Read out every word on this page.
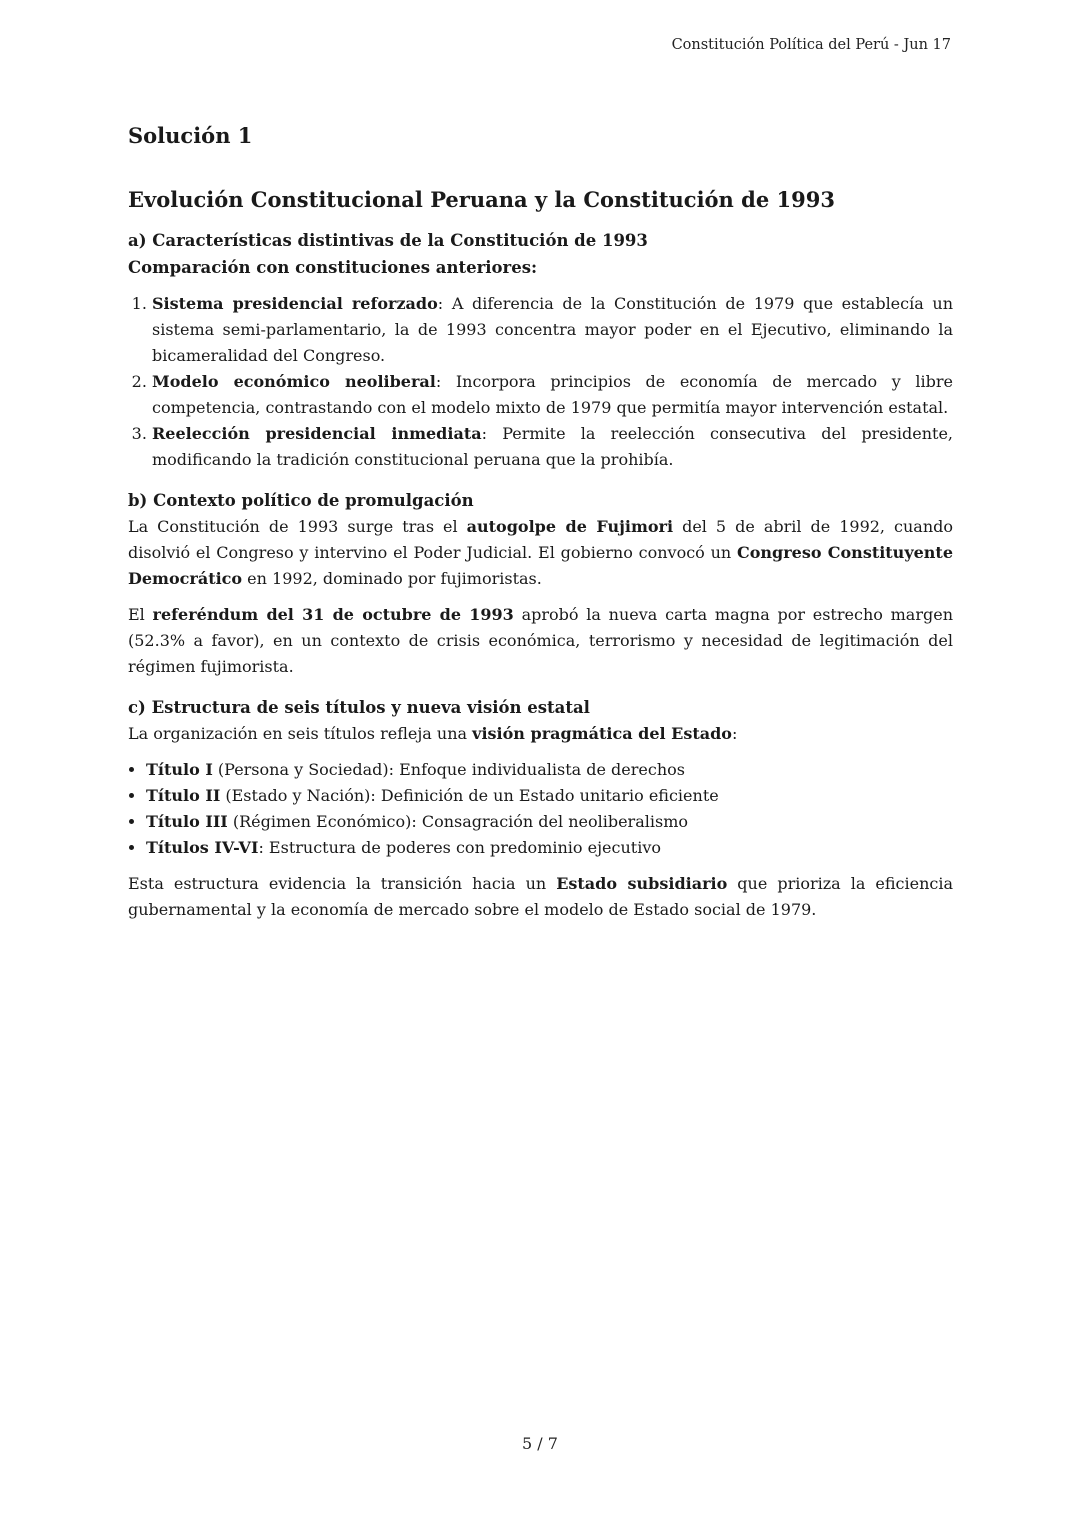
Constitución Política del Perú - Jun 17
Solución 1
Evolución Constitucional Peruana y la Constitución de 1993
a) Características distintivas de la Constitución de 1993
Comparación con constituciones anteriores:
1. Sistema presidencial reforzado: A diferencia de la Constitución de 1979 que establecía un sistema semi-parlamentario, la de 1993 concentra mayor poder en el Ejecutivo, eliminando la bicameralidad del Congreso.
2. Modelo económico neoliberal: Incorpora principios de economía de mercado y libre competencia, contrastando con el modelo mixto de 1979 que permitía mayor intervención estatal.
3. Reelección presidencial inmediata: Permite la reelección consecutiva del presidente, modificando la tradición constitucional peruana que la prohibía.
b) Contexto político de promulgación

La Constitución de 1993 surge tras el autogolpe de Fujimori del 5 de abril de 1992, cuando disolvió el Congreso y intervino el Poder Judicial. El gobierno convocó un Congreso Constituyente Democrático en 1992, dominado por fujimoristas.

El referéndum del 31 de octubre de 1993 aprobó la nueva carta magna por estrecho margen (52.3% a favor), en un contexto de crisis económica, terrorismo y necesidad de legitimación del régimen fujimorista.

c) Estructura de seis títulos y nueva visión estatal

La organización en seis títulos refleja una visión pragmática del Estado:

• Título I (Persona y Sociedad): Enfoque individualista de derechos
• Título II (Estado y Nación): Definición de un Estado unitario eficiente
• Título III (Régimen Económico): Consagración del neoliberalismo
• Títulos IV-VI: Estructura de poderes con predominio ejecutivo

Esta estructura evidencia la transición hacia un Estado subsidiario que prioriza la eficiencia gubernamental y la economía de mercado sobre el modelo de Estado social de 1979.

5 / 7
